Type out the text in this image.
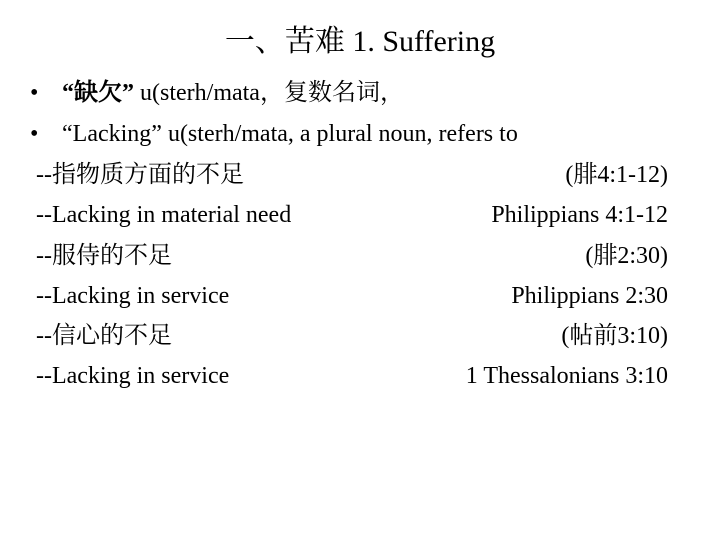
一、苦难 1. Suffering
• “缺欠” u(sterh/mata，复数名词，
• “Lacking” u(sterh/mata, a plural noun, refers to
--指物质方面的不足	(腓4:1-12)
--Lacking in material need	Philippians 4:1-12
--服侍的不足	(腓2:30)
--Lacking in service	Philippians 2:30
--信心的不足	(帖前3:10)
--Lacking in service	1 Thessalonians 3:10
